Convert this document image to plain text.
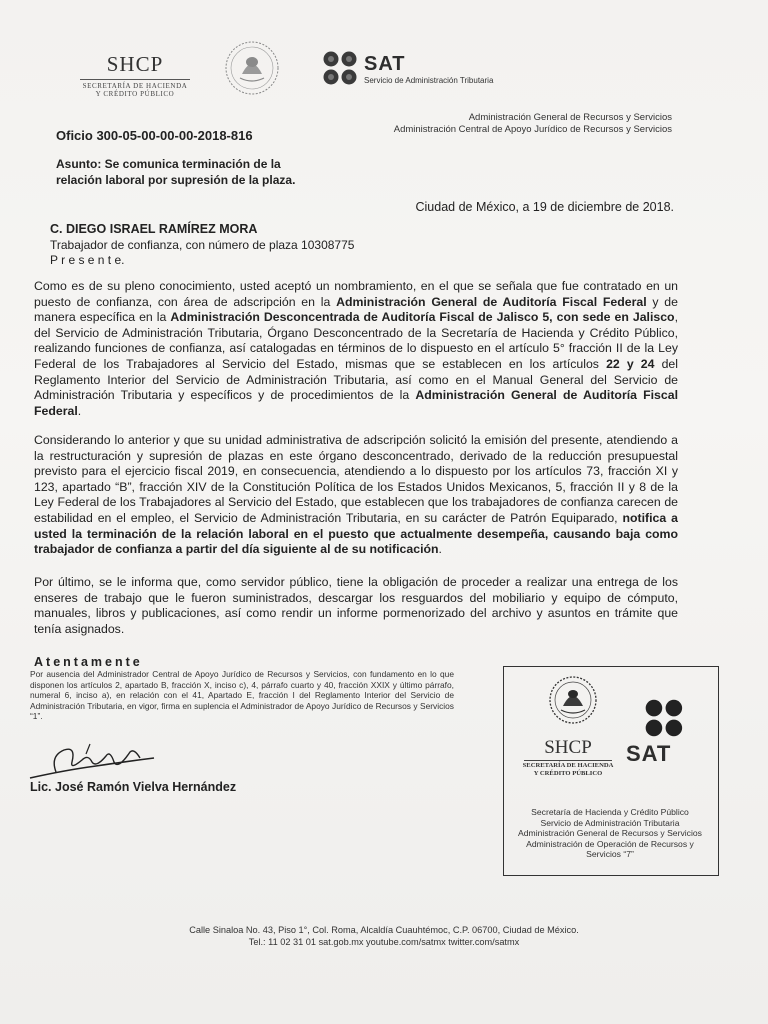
SHCP
SECRETARÍA DE HACIENDA
Y CRÉDITO PÚBLICO
SAT
Servicio de Administración Tributaria
Administración General de Recursos y Servicios
Administración Central de Apoyo Jurídico de Recursos y Servicios
Oficio 300-05-00-00-00-2018-816
Asunto: Se comunica terminación de la relación laboral por supresión de la plaza.
Ciudad de México, a 19 de diciembre de 2018.
C. DIEGO ISRAEL RAMÍREZ MORA
Trabajador de confianza, con número de plaza 10308775
P r e s e n t e.
Como es de su pleno conocimiento, usted aceptó un nombramiento, en el que se señala que fue contratado en un puesto de confianza, con área de adscripción en la Administración General de Auditoría Fiscal Federal y de manera específica en la Administración Desconcentrada de Auditoría Fiscal de Jalisco 5, con sede en Jalisco, del Servicio de Administración Tributaria, Órgano Desconcentrado de la Secretaría de Hacienda y Crédito Público, realizando funciones de confianza, así catalogadas en términos de lo dispuesto en el artículo 5° fracción II de la Ley Federal de los Trabajadores al Servicio del Estado, mismas que se establecen en los artículos 22 y 24 del Reglamento Interior del Servicio de Administración Tributaria, así como en el Manual General del Servicio de Administración Tributaria y específicos y de procedimientos de la Administración General de Auditoría Fiscal Federal.
Considerando lo anterior y que su unidad administrativa de adscripción solicitó la emisión del presente, atendiendo a la restructuración y supresión de plazas en este órgano desconcentrado, derivado de la reducción presupuestal previsto para el ejercicio fiscal 2019, en consecuencia, atendiendo a lo dispuesto por los artículos 73, fracción XI y 123, apartado “B”, fracción XIV de la Constitución Política de los Estados Unidos Mexicanos, 5, fracción II y 8 de la Ley Federal de los Trabajadores al Servicio del Estado, que establecen que los trabajadores de confianza carecen de estabilidad en el empleo, el Servicio de Administración Tributaria, en su carácter de Patrón Equiparado, notifica a usted la terminación de la relación laboral en el puesto que actualmente desempeña, causando baja como trabajador de confianza a partir del día siguiente al de su notificación.
Por último, se le informa que, como servidor público, tiene la obligación de proceder a realizar una entrega de los enseres de trabajo que le fueron suministrados, descargar los resguardos del mobiliario y equipo de cómputo, manuales, libros y publicaciones, así como rendir un informe pormenorizado del archivo y asuntos en trámite que tenía asignados.
Atentamente
Por ausencia del Administrador Central de Apoyo Jurídico de Recursos y Servicios, con fundamento en lo que disponen los artículos 2, apartado B, fracción X, inciso c), 4, párrafo cuarto y 40, fracción XXIX y último párrafo, numeral 6, inciso a), en relación con el 41, Apartado E, fracción I del Reglamento Interior del Servicio de Administración Tributaria, en vigor, firma en suplencia el Administrador de Apoyo Jurídico de Recursos y Servicios “1”.
Lic. José Ramón Vielva Hernández
SHCP
SECRETARÍA DE HACIENDA
Y CRÉDITO PÚBLICO
SAT
Secretaría de Hacienda y Crédito Público
Servicio de Administración Tributaria
Administración General de Recursos y Servicios
Administración de Operación de Recursos y
Servicios “7”
Calle Sinaloa No. 43, Piso 1°, Col. Roma, Alcaldía Cuauhtémoc, C.P. 06700, Ciudad de México.
Tel.: 11 02 31 01 sat.gob.mx youtube.com/satmx twitter.com/satmx
